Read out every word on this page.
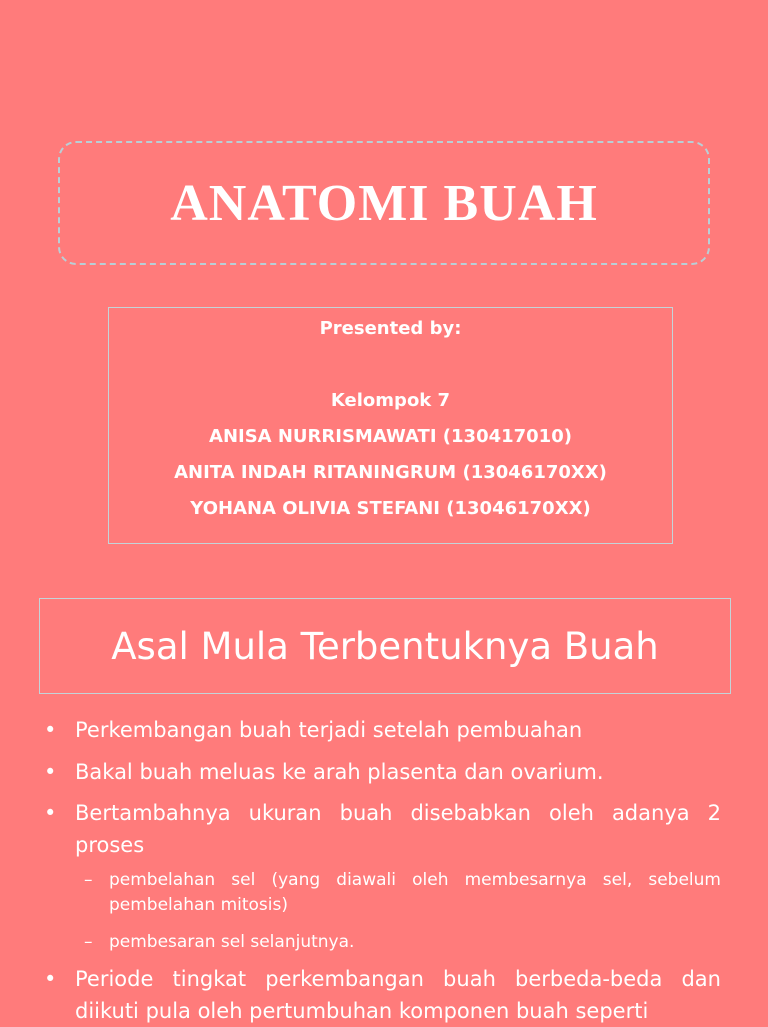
ANATOMI BUAH
Presented by:
Kelompok 7
ANISA NURRISMAWATI (130417010)
ANITA INDAH RITANINGRUM (13046170XX)
YOHANA OLIVIA STEFANI (13046170XX)
Asal Mula Terbentuknya Buah
• Perkembangan buah terjadi setelah pembuahan
• Bakal buah meluas ke arah plasenta dan ovarium.
• Bertambahnya ukuran buah disebabkan oleh adanya 2 proses
– pembelahan sel (yang diawali oleh membesarnya sel, sebelum pembelahan mitosis)
– pembesaran sel selanjutnya.
• Periode tingkat perkembangan buah berbeda-beda dan diikuti pula oleh pertumbuhan komponen buah seperti
